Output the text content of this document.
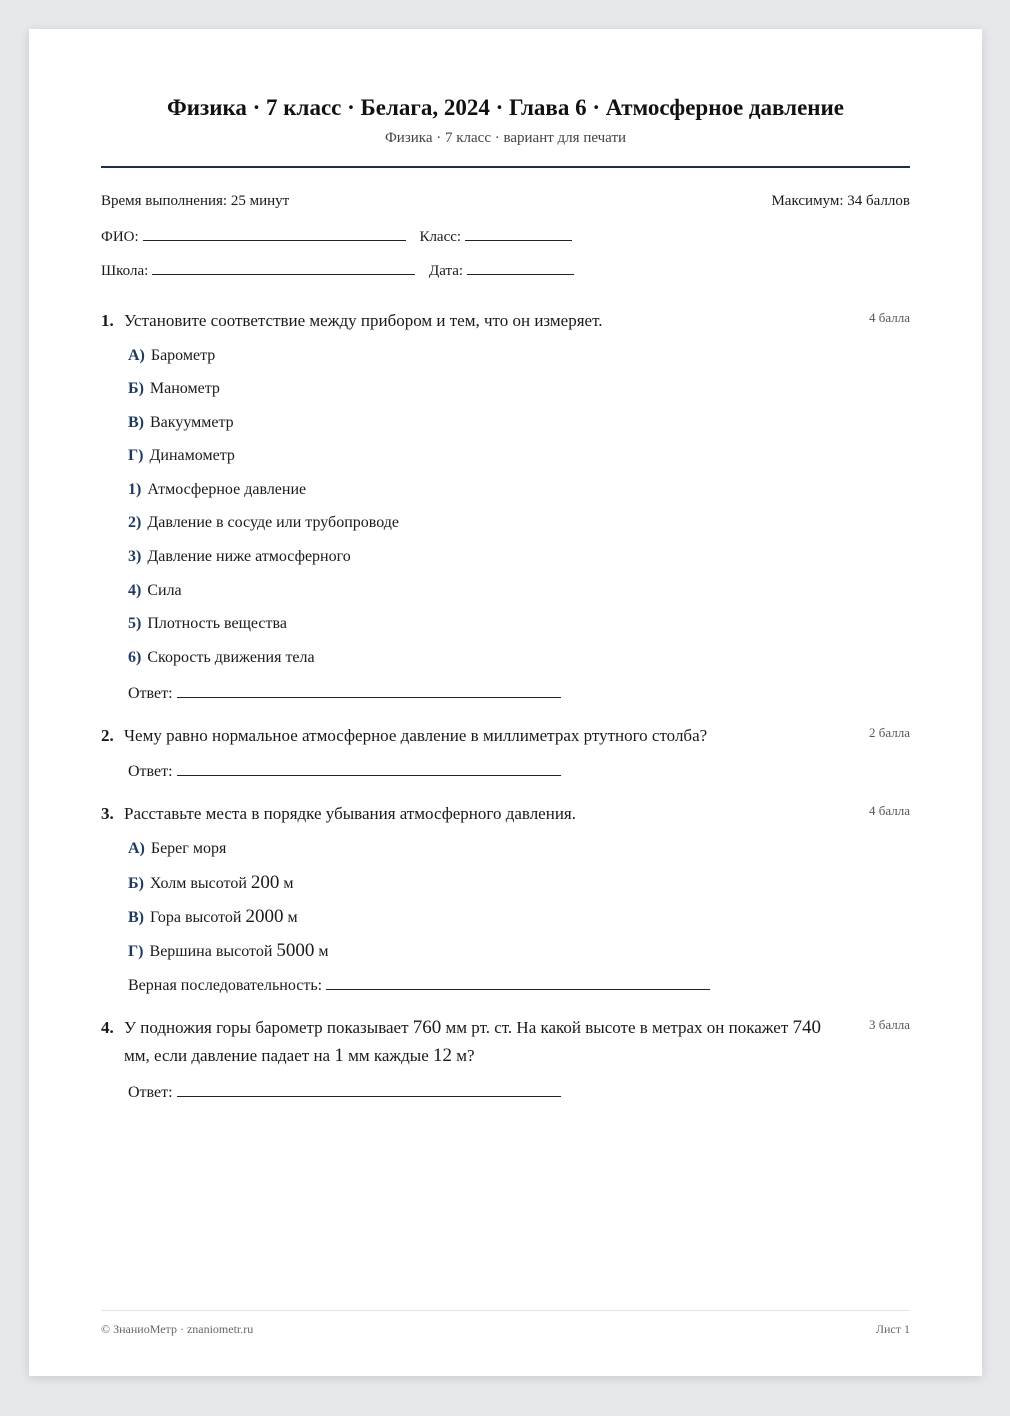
Физика · 7 класс · Белага, 2024 · Глава 6 · Атмосферное давление
Физика · 7 класс · вариант для печати
Время выполнения: 25 минут	Максимум: 34 баллов
ФИО:	Класс:
Школа:	Дата:
1. Установите соответствие между прибором и тем, что он измеряет.	4 балла
А) Барометр
Б) Манометр
В) Вакуумметр
Г) Динамометр
1) Атмосферное давление
2) Давление в сосуде или трубопроводе
3) Давление ниже атмосферного
4) Сила
5) Плотность вещества
6) Скорость движения тела
Ответ:
2. Чему равно нормальное атмосферное давление в миллиметрах ртутного столба?	2 балла
Ответ:
3. Расставьте места в порядке убывания атмосферного давления.	4 балла
А) Берег моря
Б) Холм высотой 200 м
В) Гора высотой 2000 м
Г) Вершина высотой 5000 м
Верная последовательность:
4. У подножия горы барометр показывает 760 мм рт. ст. На какой высоте в метрах он покажет 740 мм, если давление падает на 1 мм каждые 12 м?
3 балла
Ответ:
© ЗнаниоМетр · znaniometr.ru	Лист 1
